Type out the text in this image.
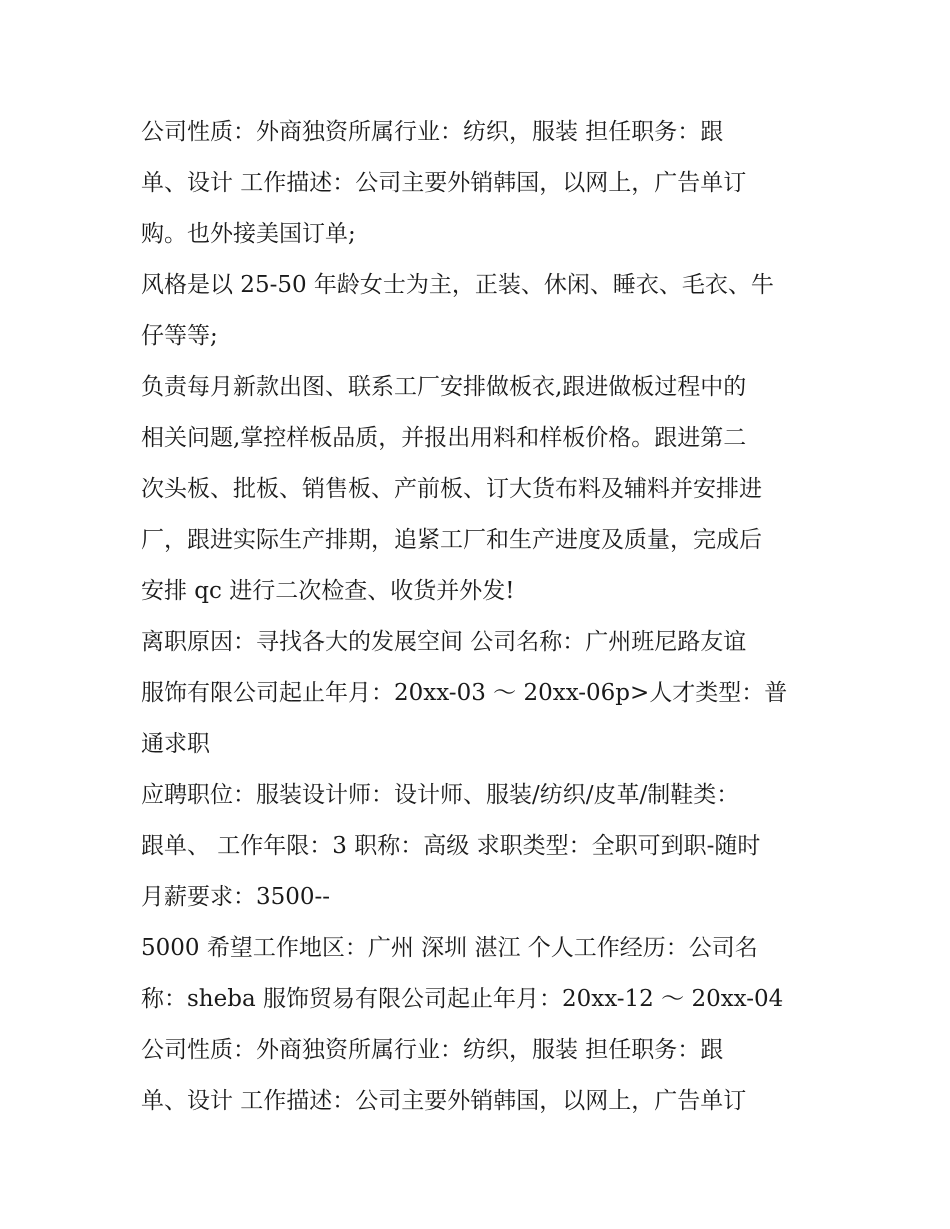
公司性质：外商独资所属行业：纺织，服装 担任职务：跟
单、设计 工作描述：公司主要外销韩国，以网上，广告单订
购。也外接美国订单;
风格是以 25-50 年龄女士为主，正装、休闲、睡衣、毛衣、牛
仔等等;
负责每月新款出图、联系工厂安排做板衣,跟进做板过程中的
相关问题,掌控样板品质，并报出用料和样板价格。跟进第二
次头板、批板、销售板、产前板、订大货布料及辅料并安排进
厂，跟进实际生产排期，追紧工厂和生产进度及质量，完成后
安排 qc 进行二次检查、收货并外发!
离职原因：寻找各大的发展空间 公司名称：广州班尼路友谊
服饰有限公司起止年月：20xx-03 ～ 20xx-06p>人才类型：普
通求职
应聘职位：服装设计师：设计师、服装/纺织/皮革/制鞋类：
跟单、 工作年限：3 职称：高级 求职类型：全职可到职-随时
月薪要求：3500--
5000 希望工作地区：广州 深圳 湛江 个人工作经历：公司名
称：sheba 服饰贸易有限公司起止年月：20xx-12 ～ 20xx-04
公司性质：外商独资所属行业：纺织，服装 担任职务：跟
单、设计 工作描述：公司主要外销韩国，以网上，广告单订
